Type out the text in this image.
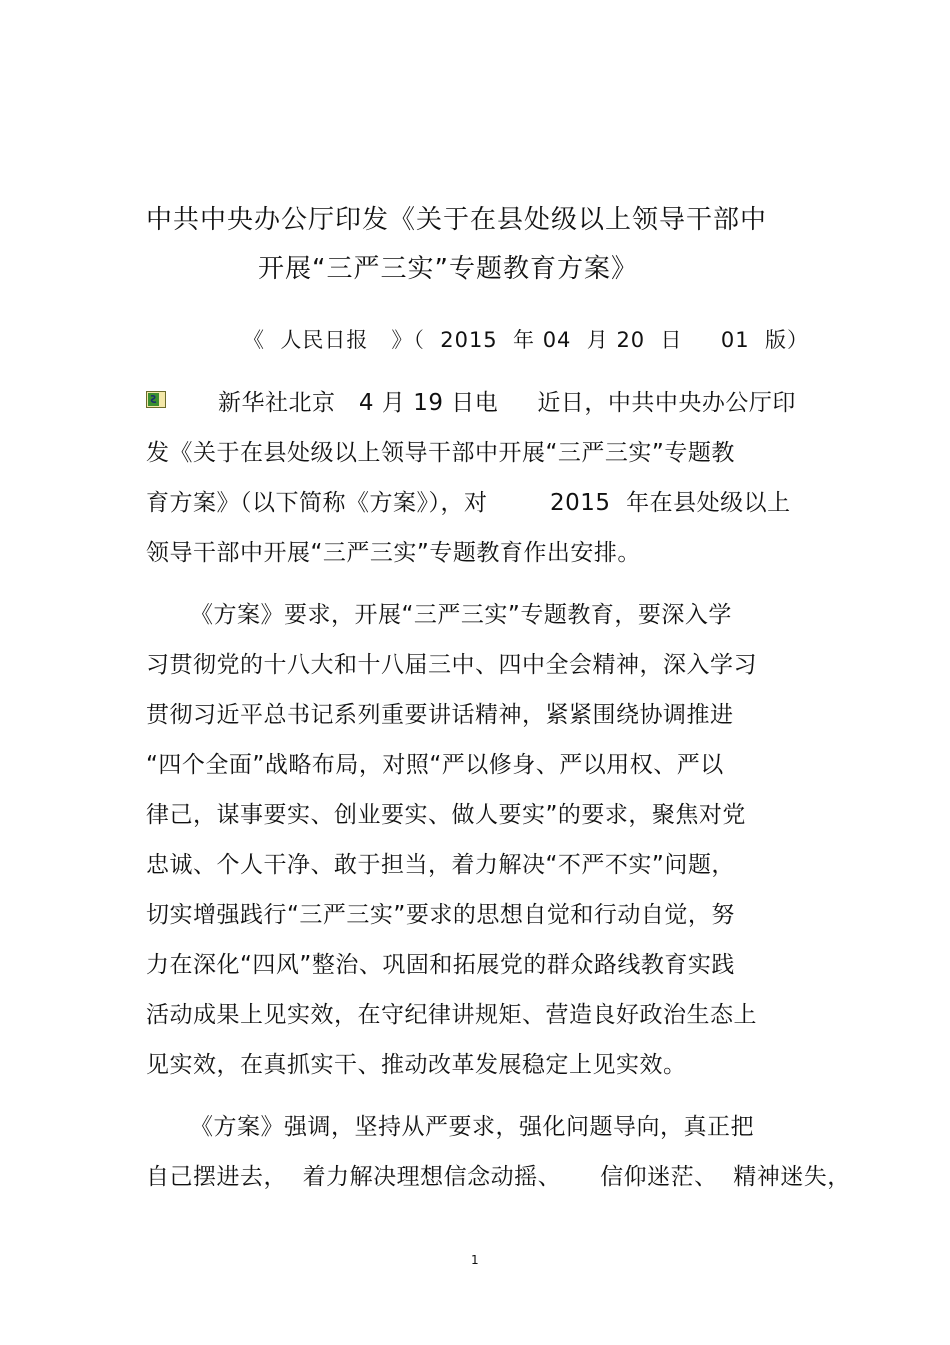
中共中央办公厅印发《关于在县处级以上领导干部中
开展“三严三实”专题教育方案》
《  人民日报   》（  2015  年 04  月 20  日     01  版）
新华社北京   4 月 19 日电     近日，中共中央办公厅印
发《关于在县处级以上领导干部中开展“三严三实”专题教
育方案》（以下简称《方案》），对        2015  年在县处级以上
领导干部中开展“三严三实”专题教育作出安排。
《方案》要求，开展“三严三实”专题教育，要深入学
习贯彻党的十八大和十八届三中、四中全会精神，深入学习
贯彻习近平总书记系列重要讲话精神，紧紧围绕协调推进
“四个全面”战略布局，对照“严以修身、严以用权、严以
律己，谋事要实、创业要实、做人要实”的要求，聚焦对党
忠诚、个人干净、敢于担当，着力解决“不严不实”问题，
切实增强践行“三严三实”要求的思想自觉和行动自觉，努
力在深化“四风”整治、巩固和拓展党的群众路线教育实践
活动成果上见实效，在守纪律讲规矩、营造良好政治生态上
见实效，在真抓实干、推动改革发展稳定上见实效。
《方案》强调，坚持从严要求，强化问题导向，真正把
自己摆进去，  着力解决理想信念动摇、     信仰迷茫、  精神迷失，
1
